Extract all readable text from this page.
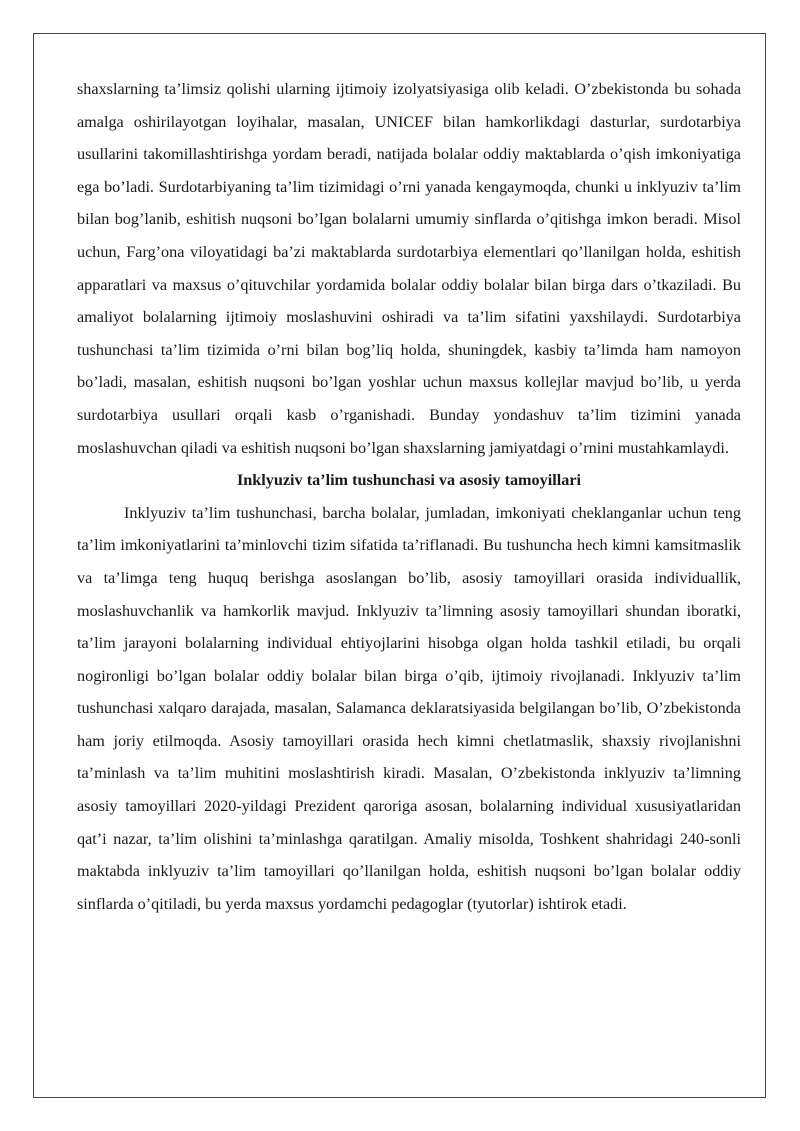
shaxslarning ta’limsiz qolishi ularning ijtimoiy izolyatsiyasiga olib keladi. O’zbekistonda bu sohada amalga oshirilayotgan loyihalar, masalan, UNICEF bilan hamkorlikdagi dasturlar, surdotarbiya usullarini takomillashtirishga yordam beradi, natijada bolalar oddiy maktablarda o’qish imkoniyatiga ega bo’ladi. Surdotarbiyaning ta’lim tizimidagi o’rni yanada kengaymoqda, chunki u inklyuziv ta’lim bilan bog’lanib, eshitish nuqsoni bo’lgan bolalarni umumiy sinflarda o’qitishga imkon beradi. Misol uchun, Farg’ona viloyatidagi ba’zi maktablarda surdotarbiya elementlari qo’llanilgan holda, eshitish apparatlari va maxsus o’qituvchilar yordamida bolalar oddiy bolalar bilan birga dars o’tkaziladi. Bu amaliyot bolalarning ijtimoiy moslashuvini oshiradi va ta’lim sifatini yaxshilaydi. Surdotarbiya tushunchasi ta’lim tizimida o’rni bilan bog’liq holda, shuningdek, kasbiy ta’limda ham namoyon bo’ladi, masalan, eshitish nuqsoni bo’lgan yoshlar uchun maxsus kollejlar mavjud bo’lib, u yerda surdotarbiya usullari orqali kasb o’rganishadi. Bunday yondashuv ta’lim tizimini yanada moslashuvchan qiladi va eshitish nuqsoni bo’lgan shaxslarning jamiyatdagi o’rnini mustahkamlaydi.

Inklyuziv ta’lim tushunchasi va asosiy tamoyillari

Inklyuziv ta’lim tushunchasi, barcha bolalar, jumladan, imkoniyati cheklanganlar uchun teng ta’lim imkoniyatlarini ta’minlovchi tizim sifatida ta’riflanadi. Bu tushuncha hech kimni kamsitmaslik va ta’limga teng huquq berishga asoslangan bo’lib, asosiy tamoyillari orasida individuallik, moslashuvchanlik va hamkorlik mavjud. Inklyuziv ta’limning asosiy tamoyillari shundan iboratki, ta’lim jarayoni bolalarning individual ehtiyojlarini hisobga olgan holda tashkil etiladi, bu orqali nogironligi bo’lgan bolalar oddiy bolalar bilan birga o’qib, ijtimoiy rivojlanadi. Inklyuziv ta’lim tushunchasi xalqaro darajada, masalan, Salamanca deklaratsiyasida belgilangan bo’lib, O’zbekistonda ham joriy etilmoqda. Asosiy tamoyillari orasida hech kimni chetlatmaslik, shaxsiy rivojlanishni ta’minlash va ta’lim muhitini moslashtirish kiradi. Masalan, O’zbekistonda inklyuziv ta’limning asosiy tamoyillari 2020-yildagi Prezident qaroriga asosan, bolalarning individual xususiyatlaridan qat’i nazar, ta’lim olishini ta’minlashga qaratilgan. Amaliy misolda, Toshkent shahridagi 240-sonli maktabda inklyuziv ta’lim tamoyillari qo’llanilgan holda, eshitish nuqsoni bo’lgan bolalar oddiy sinflarda o’qitiladi, bu yerda maxsus yordamchi pedagoglar (tyutorlar) ishtirok etadi.
